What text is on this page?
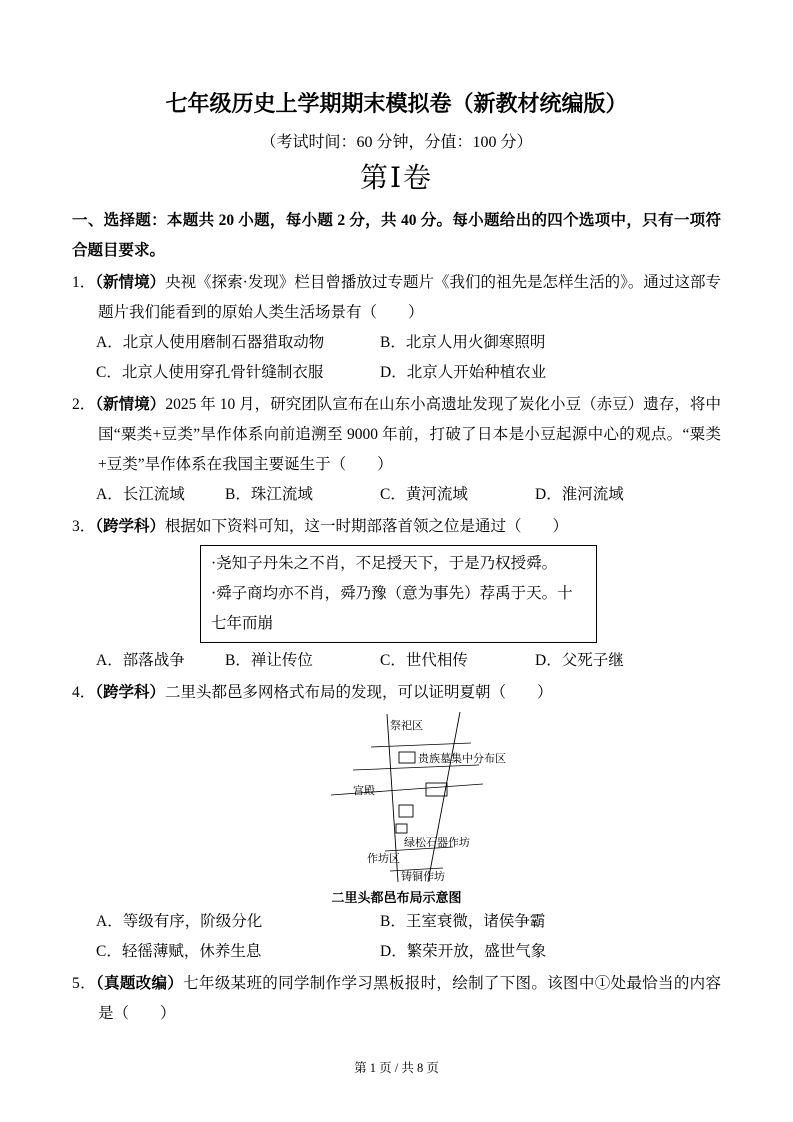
七年级历史上学期期末模拟卷（新教材统编版）
（考试时间：60 分钟，分值：100 分）
第Ⅰ卷

一、选择题：本题共 20 小题，每小题 2 分，共 40 分。每小题给出的四个选项中，只有一项符合题目要求。

1．（新情境）央视《探索·发现》栏目曾播放过专题片《我们的祖先是怎样生活的》。通过这部专题片我们能看到的原始人类生活场景有（　　）

A．北京人使用磨制石器猎取动物	B．北京人用火御寒照明
C．北京人使用穿孔骨针缝制衣服	D．北京人开始种植农业

2．（新情境）2025 年 10 月，研究团队宣布在山东小高遗址发现了炭化小豆（赤豆）遗存，将中国“粟类+豆类”旱作体系向前追溯至 9000 年前，打破了日本是小豆起源中心的观点。“粟类+豆类”旱作体系在我国主要诞生于（　　）

A．长江流域	B．珠江流域	C．黄河流域	D．淮河流域

3．（跨学科）根据如下资料可知，这一时期部落首领之位是通过（　　）

·尧知子丹朱之不肖，不足授天下，于是乃权授舜。
·舜子商均亦不肖，舜乃豫（意为事先）荐禹于天。十七年而崩
A．部落战争	B．禅让传位	C．世代相传	D．父死子继

4．（跨学科）二里头都邑多网格式布局的发现，可以证明夏朝（　　）

祭祀区
贵族墓集中分布区
宫殿
绿松石器作坊
作坊区
铸铜作坊
二里头都邑布局示意图
A．等级有序，阶级分化	B．王室衰微，诸侯争霸
C．轻徭薄赋，休养生息	D．繁荣开放，盛世气象

5．（真题改编）七年级某班的同学制作学习黑板报时，绘制了下图。该图中①处最恰当的内容是（　　）

第 1 页 / 共 8 页
